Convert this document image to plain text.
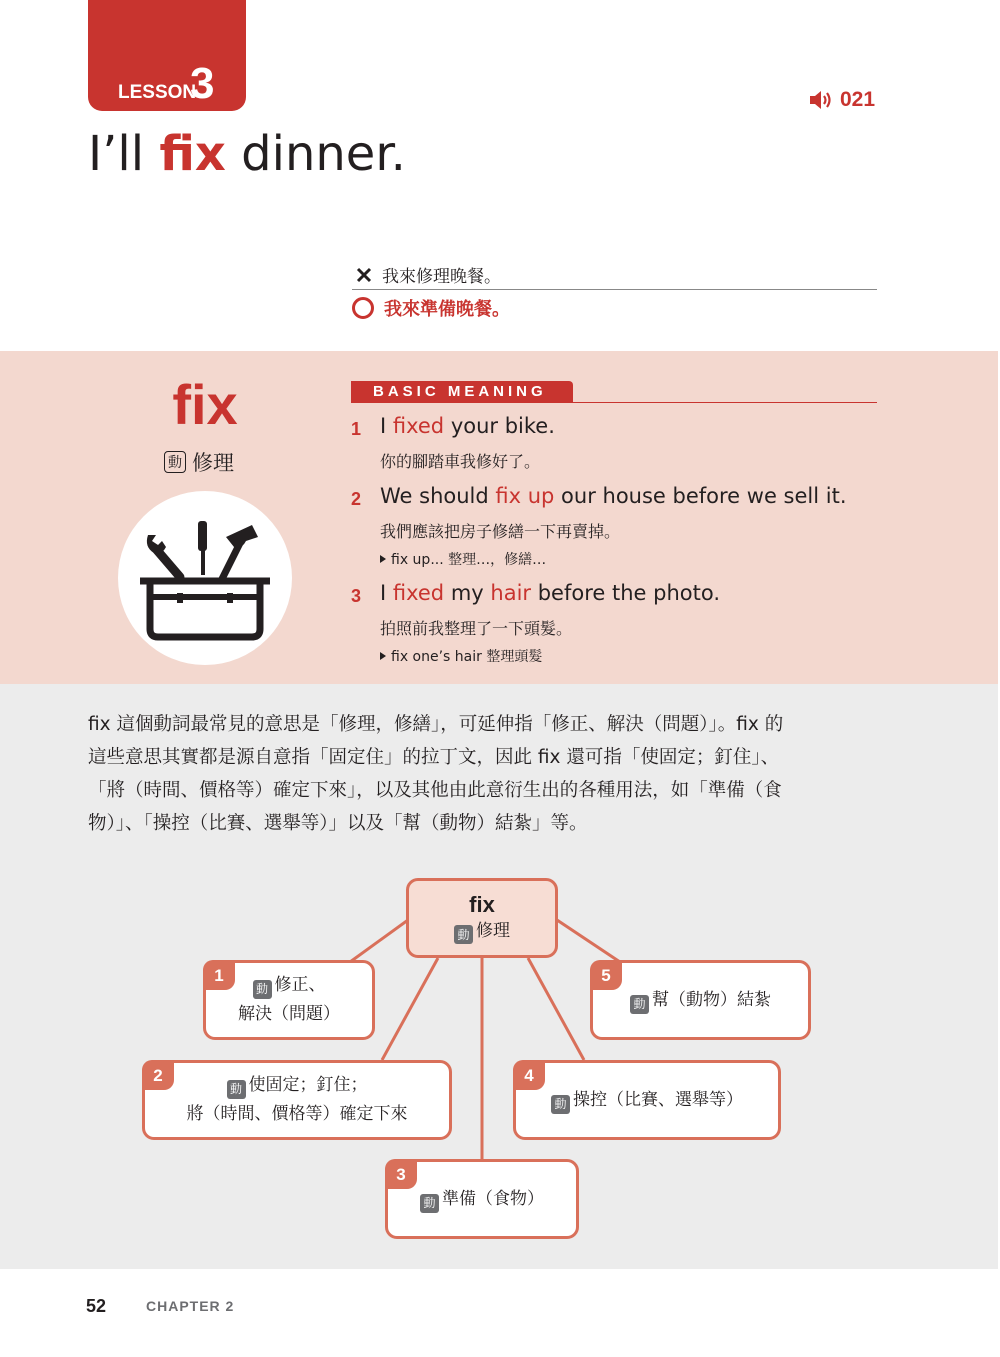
LESSON
3	021
I’ll fix dinner.
我來修理晚餐。
我來準備晚餐。
fix
動 修理
BASIC MEANING
1 I fixed your bike.
你的腳踏車我修好了。
2 We should fix up our house before we sell it.
我們應該把房子修繕一下再賣掉。
fix up... 整理…，修繕…
3 I fixed my hair before the photo.
拍照前我整理了一下頭髮。
fix one’s hair 整理頭髮
fix 這個動詞最常見的意思是「修理，修繕」，可延伸指「修正、解決（問題）」。fix 的
這些意思其實都是源自意指「固定住」的拉丁文，因此 fix 還可指「使固定；釘住」、
「將（時間、價格等）確定下來」，以及其他由此意衍生出的各種用法，如「準備（食
物）」、「操控（比賽、選舉等）」以及「幫（動物）結紮」等。
fix
動 修理
1
動 修正、
解決（問題）
2
動 使固定；釘住；
將（時間、價格等）確定下來
3
動 準備（食物）
4
動 操控（比賽、選舉等）
5
動 幫（動物）結紮
52	CHAPTER 2
